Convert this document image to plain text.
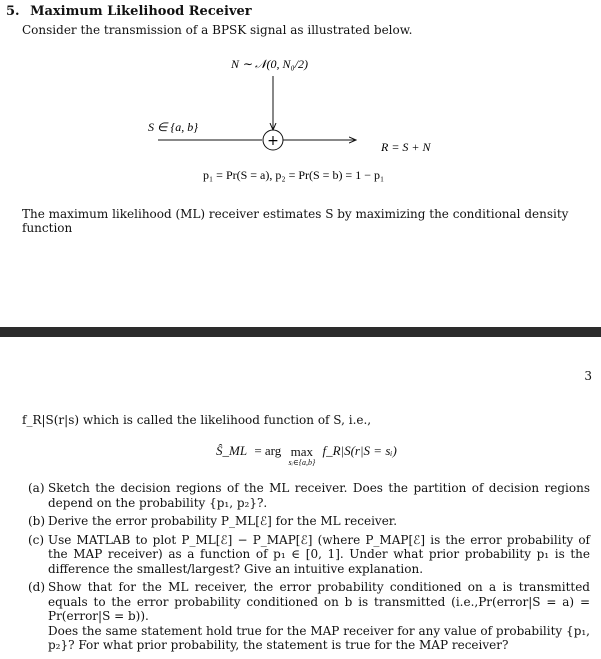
5. Maximum Likelihood Receiver
Consider the transmission of a BPSK signal as illustrated below.
+
N ∼ 𝒩(0, N₀/2)
S ∈ {a, b}
R = S + N
p₁ = Pr(S = a), p₂ = Pr(S = b) = 1 − p₁
The maximum likelihood (ML) receiver estimates S by maximizing the conditional density function
3
f_R|S(r|s) which is called the likelihood function of S, i.e.,
Ŝ_ML = arg max
sᵢ∈{a,b}
f_R|S(r|S = sᵢ)
(a) Sketch the decision regions of the ML receiver. Does the partition of decision regions depend on the probability {p₁, p₂}?.

(b) Derive the error probability P_ML[ℰ] for the ML receiver.

(c) Use MATLAB to plot P_ML[ℰ] − P_MAP[ℰ] (where P_MAP[ℰ] is the error probability of the MAP receiver) as a function of p₁ ∈ [0, 1]. Under what prior probability p₁ is the difference the smallest/largest? Give an intuitive explanation.

(d) Show that for the ML receiver, the error probability conditioned on a is transmitted equals to the error probability conditioned on b is transmitted (i.e.,Pr(error|S = a) = Pr(error|S = b)).

Does the same statement hold true for the MAP receiver for any value of probability {p₁, p₂}? For what prior probability, the statement is true for the MAP receiver?
